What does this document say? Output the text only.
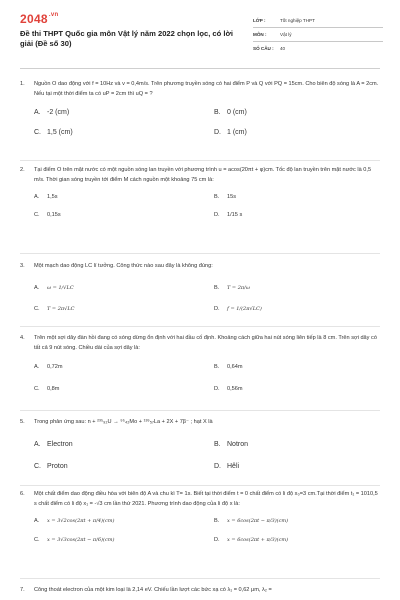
$2048^{.vn}$
Đề thi THPT Quốc gia môn Vật lý năm 2022 chọn lọc, có lời giải (Đề số 30)
LỚP :	Tốt nghiệp THPT
MÔN :	Vật lý
SỐ CÂU :	40
1. Nguồn O dao động với f = 10Hz và v = 0,4m/s. Trên phương truyền sóng có hai điểm P và Q với PQ = 15cm. Cho biên độ sóng là A = 2cm. Nếu tại một thời điểm ta có uP = 2cm thì uQ = ?
A. -2 (cm)	B. 0 (cm)
C. 1,5 (cm)	D. 1 (cm)
2. Tại điểm O trên mặt nước có một nguồn sóng lan truyền với phương trình u = acos(20πt + φ)cm. Tốc độ lan truyền trên mặt nước là 0,5 m/s. Thời gian sóng truyền tới điểm M cách nguồn một khoảng 75 cm là:
A. 1,5s	B. 15s
C. 0,15s	D. 1/15 s
3. Một mạch dao động LC lí tưởng. Công thức nào sau đây là không đúng:
A. ω = 1/√LC	B. T = 2π/ω
C. T = 2π√LC	D. f = 1/(2π√LC)
4. Trên một sợi dây đàn hồi đang có sóng dừng ổn định với hai đầu cố định. Khoảng cách giữa hai nút sóng liên tiếp là 8 cm. Trên sợi dây có tất cả 9 nút sóng. Chiều dài của sợi dây là:
A. 0,72m	B. 0,64m
C. 0,8m	D. 0,56m
5. Trong phản ứng sau: n + ²³⁵₉₂U → ⁹⁵₄₂Mo + ¹³⁹₅₇La + 2X + 7β⁻ ; hạt X là
A. Electron	B. Notron
C. Proton	D. Hêli
6. Một chất điểm dao động điều hòa với biên độ A và chu kì T= 1s. Biết tại thời điểm t = 0 chất điểm có li độ x₀=3 cm.Tại thời điểm t₁ = 1010,5 s chất điểm có li độ x₁ = -√3 cm lần thứ 2021. Phương trình dao động của li độ x là:
A. x = 3√2cos(2πt + π/4)(cm)	B. x = 6cos(2πt − π/3)(cm)
C. x = 3√3cos(2πt − π/6)(cm)	D. x = 6cos(2πt + π/3)(cm)
7. Công thoát electron của một kim loại là 2,14 eV. Chiếu lần lượt các bức xạ có λ₁ = 0,62 μm, λ₂ =
